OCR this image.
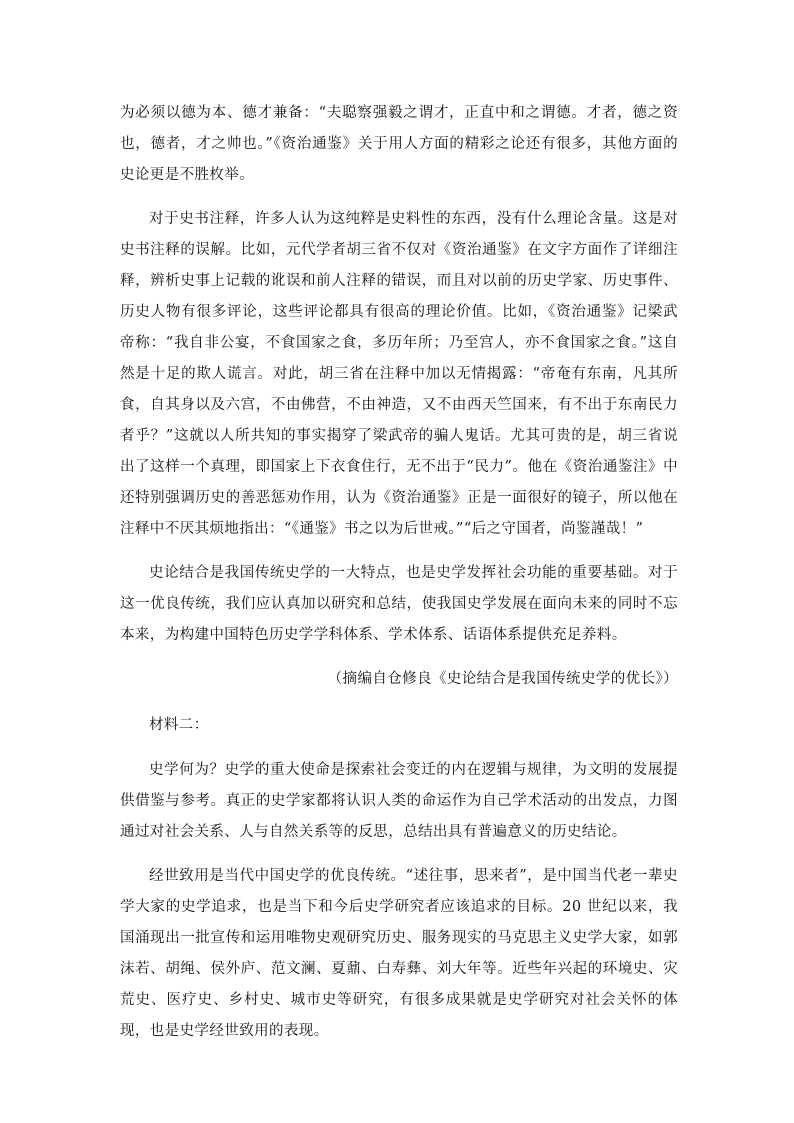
为必须以德为本、德才兼备：“夫聪察强毅之谓才，正直中和之谓德。才者，德之资也，德者，才之帅也。”《资治通鉴》关于用人方面的精彩之论还有很多，其他方面的史论更是不胜枚举。

对于史书注释，许多人认为这纯粹是史料性的东西，没有什么理论含量。这是对史书注释的误解。比如，元代学者胡三省不仅对《资治通鉴》在文字方面作了详细注释，辨析史事上记载的讹误和前人注释的错误，而且对以前的历史学家、历史事件、历史人物有很多评论，这些评论都具有很高的理论价值。比如，《资治通鉴》记梁武帝称：“我自非公宴，不食国家之食，多历年所；乃至宫人，亦不食国家之食。”这自然是十足的欺人谎言。对此，胡三省在注释中加以无情揭露：“帝奄有东南，凡其所食，自其身以及六宫，不由佛营，不由神造，又不由西天竺国来，有不出于东南民力者乎？”这就以人所共知的事实揭穿了梁武帝的骗人鬼话。尤其可贵的是，胡三省说出了这样一个真理，即国家上下衣食住行，无不出于“民力”。他在《资治通鉴注》中还特别强调历史的善恶惩劝作用，认为《资治通鉴》正是一面很好的镜子，所以他在注释中不厌其烦地指出：“《通鉴》书之以为后世戒。”“后之守国者，尚鉴謹哉！”

史论结合是我国传统史学的一大特点，也是史学发挥社会功能的重要基础。对于这一优良传统，我们应认真加以研究和总结，使我国史学发展在面向未来的同时不忘本来，为构建中国特色历史学学科体系、学术体系、话语体系提供充足养料。

（摘编自仓修良《史论结合是我国传统史学的优长》）

材料二：

史学何为？史学的重大使命是探索社会变迁的内在逻辑与规律，为文明的发展提供借鉴与参考。真正的史学家都将认识人类的命运作为自己学术活动的出发点，力图通过对社会关系、人与自然关系等的反思，总结出具有普遍意义的历史结论。

经世致用是当代中国史学的优良传统。“述往事，思来者”，是中国当代老一辈史学大家的史学追求，也是当下和今后史学研究者应该追求的目标。20 世纪以来，我国涌现出一批宣传和运用唯物史观研究历史、服务现实的马克思主义史学大家，如郭沫若、胡绳、侯外庐、范文澜、夏鼐、白寿彝、刘大年等。近些年兴起的环境史、灾荒史、医疗史、乡村史、城市史等研究，有很多成果就是史学研究对社会关怀的体现，也是史学经世致用的表现。
